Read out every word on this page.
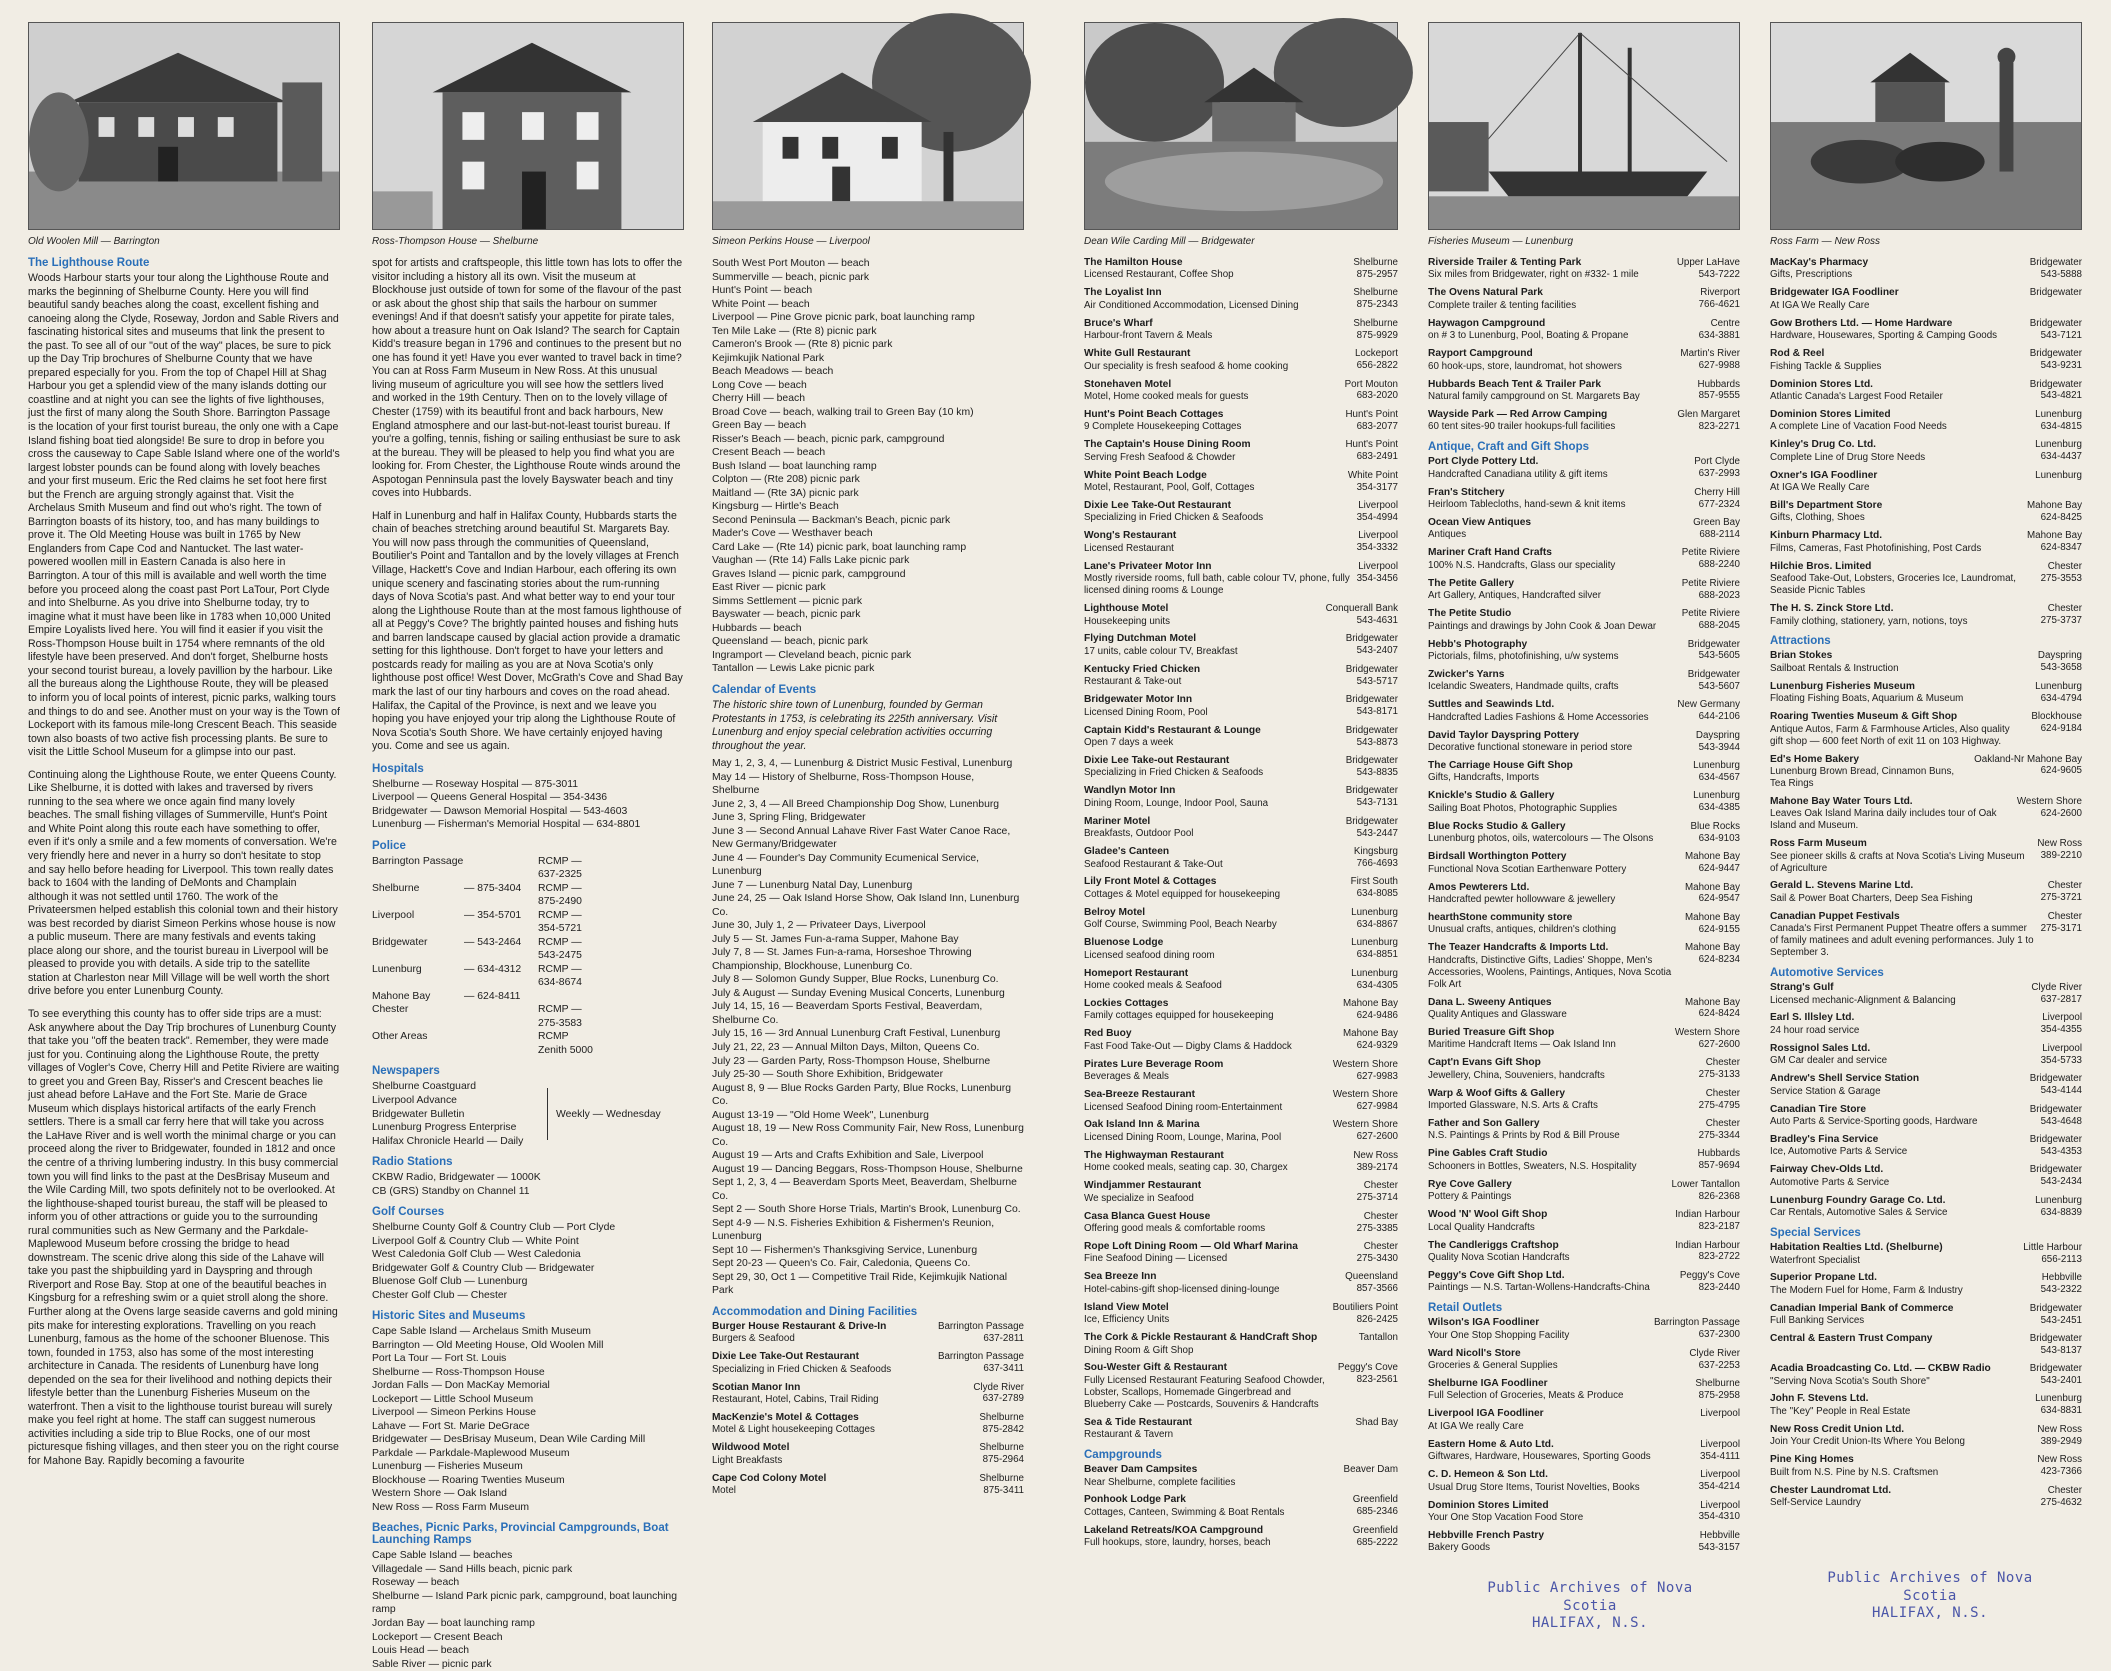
Old Woolen Mill — Barrington
The Lighthouse Route

Woods Harbour starts your tour along the Lighthouse Route and marks the beginning of Shelburne County. Here you will find beautiful sandy beaches along the coast, excellent fishing and canoeing along the Clyde, Roseway, Jordon and Sable Rivers and fascinating historical sites and museums that link the present to the past. To see all of our "out of the way" places, be sure to pick up the Day Trip brochures of Shelburne County that we have prepared especially for you. From the top of Chapel Hill at Shag Harbour you get a splendid view of the many islands dotting our coastline and at night you can see the lights of five lighthouses, just the first of many along the South Shore. Barrington Passage is the location of your first tourist bureau, the only one with a Cape Island fishing boat tied alongside! Be sure to drop in before you cross the causeway to Cape Sable Island where one of the world's largest lobster pounds can be found along with lovely beaches and your first museum. Eric the Red claims he set foot here first but the French are arguing strongly against that. Visit the Archelaus Smith Museum and find out who's right. The town of Barrington boasts of its history, too, and has many buildings to prove it. The Old Meeting House was built in 1765 by New Englanders from Cape Cod and Nantucket. The last water-powered woollen mill in Eastern Canada is also here in Barrington. A tour of this mill is available and well worth the time before you proceed along the coast past Port LaTour, Port Clyde and into Shelburne. As you drive into Shelburne today, try to imagine what it must have been like in 1783 when 10,000 United Empire Loyalists lived here. You will find it easier if you visit the Ross-Thompson House built in 1754 where remnants of the old lifestyle have been preserved. And don't forget, Shelburne hosts your second tourist bureau, a lovely pavillion by the harbour. Like all the bureaus along the Lighthouse Route, they will be pleased to inform you of local points of interest, picnic parks, walking tours and things to do and see. Another must on your way is the Town of Lockeport with its famous mile-long Crescent Beach. This seaside town also boasts of two active fish processing plants. Be sure to visit the Little School Museum for a glimpse into our past.

Continuing along the Lighthouse Route, we enter Queens County. Like Shelburne, it is dotted with lakes and traversed by rivers running to the sea where we once again find many lovely beaches. The small fishing villages of Summerville, Hunt's Point and White Point along this route each have something to offer, even if it's only a smile and a few moments of conversation. We're very friendly here and never in a hurry so don't hesitate to stop and say hello before heading for Liverpool. This town really dates back to 1604 with the landing of DeMonts and Champlain although it was not settled until 1760. The work of the Privateersmen helped establish this colonial town and their history was best recorded by diarist Simeon Perkins whose house is now a public museum. There are many festivals and events taking place along our shore, and the tourist bureau in Liverpool will be pleased to provide you with details. A side trip to the satellite station at Charleston near Mill Village will be well worth the short drive before you enter Lunenburg County.

To see everything this county has to offer side trips are a must: Ask anywhere about the Day Trip brochures of Lunenburg County that take you "off the beaten track". Remember, they were made just for you. Continuing along the Lighthouse Route, the pretty villages of Vogler's Cove, Cherry Hill and Petite Riviere are waiting to greet you and Green Bay, Risser's and Crescent beaches lie just ahead before LaHave and the Fort Ste. Marie de Grace Museum which displays historical artifacts of the early French settlers. There is a small car ferry here that will take you across the LaHave River and is well worth the minimal charge or you can proceed along the river to Bridgewater, founded in 1812 and once the centre of a thriving lumbering industry. In this busy commercial town you will find links to the past at the DesBrisay Museum and the Wile Carding Mill, two spots definitely not to be overlooked. At the lighthouse-shaped tourist bureau, the staff will be pleased to inform you of other attractions or guide you to the surrounding rural communities such as New Germany and the Parkdale-Maplewood Museum before crossing the bridge to head downstream. The scenic drive along this side of the Lahave will take you past the shipbuilding yard in Dayspring and through Riverport and Rose Bay. Stop at one of the beautiful beaches in Kingsburg for a refreshing swim or a quiet stroll along the shore. Further along at the Ovens large seaside caverns and gold mining pits make for interesting explorations. Travelling on you reach Lunenburg, famous as the home of the schooner Bluenose. This town, founded in 1753, also has some of the most interesting architecture in Canada. The residents of Lunenburg have long depended on the sea for their livelihood and nothing depicts their lifestyle better than the Lunenburg Fisheries Museum on the waterfront. Then a visit to the lighthouse tourist bureau will surely make you feel right at home. The staff can suggest numerous activities including a side trip to Blue Rocks, one of our most picturesque fishing villages, and then steer you on the right course for Mahone Bay. Rapidly becoming a favourite

Ross-Thompson House — Shelburne

spot for artists and craftspeople, this little town has lots to offer the visitor including a history all its own. Visit the museum at Blockhouse just outside of town for some of the flavour of the past or ask about the ghost ship that sails the harbour on summer evenings! And if that doesn't satisfy your appetite for pirate tales, how about a treasure hunt on Oak Island? The search for Captain Kidd's treasure began in 1796 and continues to the present but no one has found it yet! Have you ever wanted to travel back in time? You can at Ross Farm Museum in New Ross. At this unusual living museum of agriculture you will see how the settlers lived and worked in the 19th Century. Then on to the lovely village of Chester (1759) with its beautiful front and back harbours, New England atmosphere and our last-but-not-least tourist bureau. If you're a golfing, tennis, fishing or sailing enthusiast be sure to ask at the bureau. They will be pleased to help you find what you are looking for. From Chester, the Lighthouse Route winds around the Aspotogan Penninsula past the lovely Bayswater beach and tiny coves into Hubbards.

Half in Lunenburg and half in Halifax County, Hubbards starts the chain of beaches stretching around beautiful St. Margarets Bay. You will now pass through the communities of Queensland, Boutilier's Point and Tantallon and by the lovely villages at French Village, Hackett's Cove and Indian Harbour, each offering its own unique scenery and fascinating stories about the rum-running days of Nova Scotia's past. And what better way to end your tour along the Lighthouse Route than at the most famous lighthouse of all at Peggy's Cove? The brightly painted houses and fishing huts and barren landscape caused by glacial action provide a dramatic setting for this lighthouse. Don't forget to have your letters and postcards ready for mailing as you are at Nova Scotia's only lighthouse post office! West Dover, McGrath's Cove and Shad Bay mark the last of our tiny harbours and coves on the road ahead. Halifax, the Capital of the Province, is next and we leave you hoping you have enjoyed your trip along the Lighthouse Route of Nova Scotia's South Shore. We have certainly enjoyed having you. Come and see us again.

Hospitals
Shelburne — Roseway Hospital — 875-3011
Liverpool — Queens General Hospital — 354-3436
Bridgewater — Dawson Memorial Hospital — 543-4603
Lunenburg — Fisherman's Memorial Hospital — 634-8801
Police
Barrington Passage	RCMP — 637-2325
Shelburne	— 875-3404	RCMP — 875-2490
Liverpool	— 354-5701	RCMP — 354-5721
Bridgewater	— 543-2464	RCMP — 543-2475
Lunenburg	— 634-4312	RCMP — 634-8674
Mahone Bay	— 624-8411
Chester	RCMP — 275-3583
Other Areas	RCMP Zenith 5000
Newspapers
Shelburne Coastguard
Liverpool Advance
Bridgewater Bulletin
Lunenburg Progress Enterprise
Halifax Chronicle Hearld — Daily
Weekly — Wednesday
Radio Stations
CKBW Radio, Bridgewater — 1000K
CB (GRS) Standby on Channel 11
Golf Courses
Shelburne County Golf & Country Club — Port Clyde
Liverpool Golf & Country Club — White Point
West Caledonia Golf Club — West Caledonia
Bridgewater Golf & Country Club — Bridgewater
Bluenose Golf Club — Lunenburg
Chester Golf Club — Chester
Historic Sites and Museums
Cape Sable Island — Archelaus Smith Museum
Barrington — Old Meeting House, Old Woolen Mill
Port La Tour — Fort St. Louis
Shelburne — Ross-Thompson House
Jordan Falls — Don MacKay Memorial
Lockeport — Little School Museum
Liverpool — Simeon Perkins House
Lahave — Fort St. Marie DeGrace
Bridgewater — DesBrisay Museum, Dean Wile Carding Mill
Parkdale — Parkdale-Maplewood Museum
Lunenburg — Fisheries Museum
Blockhouse — Roaring Twenties Museum
Western Shore — Oak Island
New Ross — Ross Farm Museum
Beaches, Picnic Parks, Provincial Campgrounds, Boat Launching Ramps
Cape Sable Island — beaches
Villagedale — Sand Hills beach, picnic park
Roseway — beach
Shelburne — Island Park picnic park, campground, boat launching ramp
Jordan Bay — boat launching ramp
Lockeport — Cresent Beach
Louis Head — beach
Sable River — picnic park
Simeon Perkins House — Liverpool
South West Port Mouton — beach
Summerville — beach, picnic park
Hunt's Point — beach
White Point — beach
Liverpool — Pine Grove picnic park, boat launching ramp
Ten Mile Lake — (Rte 8) picnic park
Cameron's Brook — (Rte 8) picnic park
Kejimkujik National Park
Beach Meadows — beach
Long Cove — beach
Cherry Hill — beach
Broad Cove — beach, walking trail to Green Bay (10 km)
Green Bay — beach
Risser's Beach — beach, picnic park, campground
Cresent Beach — beach
Bush Island — boat launching ramp
Colpton — (Rte 208) picnic park
Maitland — (Rte 3A) picnic park
Kingsburg — Hirtle's Beach
Second Peninsula — Backman's Beach, picnic park
Mader's Cove — Westhaver beach
Card Lake — (Rte 14) picnic park, boat launching ramp
Vaughan — (Rte 14) Falls Lake picnic park
Graves Island — picnic park, campground
East River — picnic park
Simms Settlement — picnic park
Bayswater — beach, picnic park
Hubbards — beach
Queensland — beach, picnic park
Ingramport — Cleveland beach, picnic park
Tantallon — Lewis Lake picnic park
Calendar of Events

The historic shire town of Lunenburg, founded by German Protestants in 1753, is celebrating its 225th anniversary. Visit Lunenburg and enjoy special celebration activities occurring throughout the year.

May 1, 2, 3, 4, — Lunenburg & District Music Festival, Lunenburg
May 14 — History of Shelburne, Ross-Thompson House, Shelburne
June 2, 3, 4 — All Breed Championship Dog Show, Lunenburg
June 3, Spring Fling, Bridgewater
June 3 — Second Annual Lahave River Fast Water Canoe Race, New Germany/Bridgewater
June 4 — Founder's Day Community Ecumenical Service, Lunenburg
June 7 — Lunenburg Natal Day, Lunenburg
June 24, 25 — Oak Island Horse Show, Oak Island Inn, Lunenburg Co.
June 30, July 1, 2 — Privateer Days, Liverpool
July 5 — St. James Fun-a-rama Supper, Mahone Bay
July 7, 8 — St. James Fun-a-rama, Horseshoe Throwing Championship, Blockhouse, Lunenburg Co.
July 8 — Solomon Gundy Supper, Blue Rocks, Lunenburg Co.
July & August — Sunday Evening Musical Concerts, Lunenburg
July 14, 15, 16 — Beaverdam Sports Festival, Beaverdam, Shelburne Co.
July 15, 16 — 3rd Annual Lunenburg Craft Festival, Lunenburg
July 21, 22, 23 — Annual Milton Days, Milton, Queens Co.
July 23 — Garden Party, Ross-Thompson House, Shelburne
July 25-30 — South Shore Exhibition, Bridgewater
August 8, 9 — Blue Rocks Garden Party, Blue Rocks, Lunenburg Co.
August 13-19 — "Old Home Week", Lunenburg
August 18, 19 — New Ross Community Fair, New Ross, Lunenburg Co.
August 19 — Arts and Crafts Exhibition and Sale, Liverpool
August 19 — Dancing Beggars, Ross-Thompson House, Shelburne
Sept 1, 2, 3, 4 — Beaverdam Sports Meet, Beaverdam, Shelburne Co.
Sept 2 — South Shore Horse Trials, Martin's Brook, Lunenburg Co.
Sept 4-9 — N.S. Fisheries Exhibition & Fishermen's Reunion, Lunenburg
Sept 10 — Fishermen's Thanksgiving Service, Lunenburg
Sept 20-23 — Queen's Co. Fair, Caledonia, Queens Co.
Sept 29, 30, Oct 1 — Competitive Trail Ride, Kejimkujik National Park
Accommodation and Dining Facilities
Burger House Restaurant & Drive-In
Burgers & Seafood
Barrington Passage
637-2811
Dixie Lee Take-Out Restaurant
Specializing in Fried Chicken & Seafoods
Barrington Passage
637-3411
Scotian Manor Inn
Restaurant, Hotel, Cabins, Trail Riding
Clyde River
637-2789
MacKenzie's Motel & Cottages
Motel & Light housekeeping Cottages
Shelburne
875-2842
Wildwood Motel
Light Breakfasts
Shelburne
875-2964
Cape Cod Colony Motel
Motel
Shelburne
875-3411
Dean Wile Carding Mill — Bridgewater
The Hamilton House
Licensed Restaurant, Coffee Shop
Shelburne
875-2957
The Loyalist Inn
Air Conditioned Accommodation, Licensed Dining
Shelburne
875-2343
Bruce's Wharf
Harbour-front Tavern & Meals
Shelburne
875-9929
White Gull Restaurant
Our speciality is fresh seafood & home cooking
Lockeport
656-2822
Stonehaven Motel
Motel, Home cooked meals for guests
Port Mouton
683-2020
Hunt's Point Beach Cottages
9 Complete Housekeeping Cottages
Hunt's Point
683-2077
The Captain's House Dining Room
Serving Fresh Seafood & Chowder
Hunt's Point
683-2491
White Point Beach Lodge
Motel, Restaurant, Pool, Golf, Cottages
White Point
354-3177
Dixie Lee Take-Out Restaurant
Specializing in Fried Chicken & Seafoods
Liverpool
354-4994
Wong's Restaurant
Licensed Restaurant
Liverpool
354-3332
Lane's Privateer Motor Inn
Mostly riverside rooms, full bath, cable colour TV, phone, fully licensed dining rooms & Lounge
Liverpool
354-3456
Lighthouse Motel
Housekeeping units
Conquerall Bank
543-4631
Flying Dutchman Motel
17 units, cable colour TV, Breakfast
Bridgewater
543-2407
Kentucky Fried Chicken
Restaurant & Take-out
Bridgewater
543-5717
Bridgewater Motor Inn
Licensed Dining Room, Pool
Bridgewater
543-8171
Captain Kidd's Restaurant & Lounge
Open 7 days a week
Bridgewater
543-8873
Dixie Lee Take-out Restaurant
Specializing in Fried Chicken & Seafoods
Bridgewater
543-8835
Wandlyn Motor Inn
Dining Room, Lounge, Indoor Pool, Sauna
Bridgewater
543-7131
Mariner Motel
Breakfasts, Outdoor Pool
Bridgewater
543-2447
Gladee's Canteen
Seafood Restaurant & Take-Out
Kingsburg
766-4693
Lily Front Motel & Cottages
Cottages & Motel equipped for housekeeping
First South
634-8085
Belroy Motel
Golf Course, Swimming Pool, Beach Nearby
Lunenburg
634-8867
Bluenose Lodge
Licensed seafood dining room
Lunenburg
634-8851
Homeport Restaurant
Home cooked meals & Seafood
Lunenburg
634-4305
Lockies Cottages
Family cottages equipped for housekeeping
Mahone Bay
624-9486
Red Buoy
Fast Food Take-Out — Digby Clams & Haddock
Mahone Bay
624-9329
Pirates Lure Beverage Room
Beverages & Meals
Western Shore
627-9983
Sea-Breeze Restaurant
Licensed Seafood Dining room-Entertainment
Western Shore
627-9984
Oak Island Inn & Marina
Licensed Dining Room, Lounge, Marina, Pool
Western Shore
627-2600
The Highwayman Restaurant
Home cooked meals, seating cap. 30, Chargex
New Ross
389-2174
Windjammer Restaurant
We specialize in Seafood
Chester
275-3714
Casa Blanca Guest House
Offering good meals & comfortable rooms
Chester
275-3385
Rope Loft Dining Room — Old Wharf Marina
Fine Seafood Dining — Licensed
Chester
275-3430
Sea Breeze Inn
Hotel-cabins-gift shop-licensed dining-lounge
Queensland
857-3566
Island View Motel
Ice, Efficiency Units
Boutiliers Point
826-2425
The Cork & Pickle Restaurant & HandCraft Shop
Dining Room & Gift Shop
Tantallon
Sou-Wester Gift & Restaurant
Fully Licensed Restaurant Featuring Seafood Chowder, Lobster, Scallops, Homemade Gingerbread and Blueberry Cake — Postcards, Souvenirs & Handcrafts
Peggy's Cove
823-2561
Sea & Tide Restaurant
Restaurant & Tavern
Shad Bay
Campgrounds
Beaver Dam Campsites
Near Shelburne, complete facilities
Beaver Dam
Ponhook Lodge Park
Cottages, Canteen, Swimming & Boat Rentals
Greenfield
685-2346
Lakeland Retreats/KOA Campground
Full hookups, store, laundry, horses, beach
Greenfield
685-2222
Fisheries Museum — Lunenburg
Riverside Trailer & Tenting Park
Six miles from Bridgewater, right on #332- 1 mile
Upper LaHave
543-7222
The Ovens Natural Park
Complete trailer & tenting facilities
Riverport
766-4621
Haywagon Campground
on # 3 to Lunenburg, Pool, Boating & Propane
Centre
634-3881
Rayport Campground
60 hook-ups, store, laundromat, hot showers
Martin's River
627-9988
Hubbards Beach Tent & Trailer Park
Natural family campground on St. Margarets Bay
Hubbards
857-9555
Wayside Park — Red Arrow Camping
60 tent sites-90 trailer hookups-full facilities
Glen Margaret
823-2271
Antique, Craft and Gift Shops
Port Clyde Pottery Ltd.
Handcrafted Canadiana utility & gift items
Port Clyde
637-2993
Fran's Stitchery
Heirloom Tablecloths, hand-sewn & knit items
Cherry Hill
677-2324
Ocean View Antiques
Antiques
Green Bay
688-2114
Mariner Craft Hand Crafts
100% N.S. Handcrafts, Glass our speciality
Petite Riviere
688-2240
The Petite Gallery
Art Gallery, Antiques, Handcrafted silver
Petite Riviere
688-2023
The Petite Studio
Paintings and drawings by John Cook & Joan Dewar
Petite Riviere
688-2045
Hebb's Photography
Pictorials, films, photofinishing, u/w systems
Bridgewater
543-5605
Zwicker's Yarns
Icelandic Sweaters, Handmade quilts, crafts
Bridgewater
543-5607
Suttles and Seawinds Ltd.
Handcrafted Ladies Fashions & Home Accessories
New Germany
644-2106
David Taylor Dayspring Pottery
Decorative functional stoneware in period store
Dayspring
543-3944
The Carriage House Gift Shop
Gifts, Handcrafts, Imports
Lunenburg
634-4567
Knickle's Studio & Gallery
Sailing Boat Photos, Photographic Supplies
Lunenburg
634-4385
Blue Rocks Studio & Gallery
Lunenburg photos, oils, watercolours — The Olsons
Blue Rocks
634-9103
Birdsall Worthington Pottery
Functional Nova Scotian Earthenware Pottery
Mahone Bay
624-9447
Amos Pewterers Ltd.
Handcrafted pewter hollowware & jewellery
Mahone Bay
624-9547
hearthStone community store
Unusual crafts, antiques, children's clothing
Mahone Bay
624-9155
The Teazer Handcrafts & Imports Ltd.
Handcrafts, Distinctive Gifts, Ladies' Shoppe, Men's Accessories, Woolens, Paintings, Antiques, Nova Scotia Folk Art
Mahone Bay
624-8234
Dana L. Sweeny Antiques
Quality Antiques and Glassware
Mahone Bay
624-8424
Buried Treasure Gift Shop
Maritime Handcraft Items — Oak Island Inn
Western Shore
627-2600
Capt'n Evans Gift Shop
Jewellery, China, Souveniers, handcrafts
Chester
275-3133
Warp & Woof Gifts & Gallery
Imported Glassware, N.S. Arts & Crafts
Chester
275-4795
Father and Son Gallery
N.S. Paintings & Prints by Rod & Bill Prouse
Chester
275-3344
Pine Gables Craft Studio
Schooners in Bottles, Sweaters, N.S. Hospitality
Hubbards
857-9694
Rye Cove Gallery
Pottery & Paintings
Lower Tantallon
826-2368
Wood 'N' Wool Gift Shop
Local Quality Handcrafts
Indian Harbour
823-2187
The Candleriggs Craftshop
Quality Nova Scotian Handcrafts
Indian Harbour
823-2722
Peggy's Cove Gift Shop Ltd.
Paintings — N.S. Tartan-Wollens-Handcrafts-China
Peggy's Cove
823-2440
Retail Outlets
Wilson's IGA Foodliner
Your One Stop Shopping Facility
Barrington Passage
637-2300
Ward Nicoll's Store
Groceries & General Supplies
Clyde River
637-2253
Shelburne IGA Foodliner
Full Selection of Groceries, Meats & Produce
Shelburne
875-2958
Liverpool IGA Foodliner
At IGA We really Care
Liverpool
Eastern Home & Auto Ltd.
Giftwares, Hardware, Housewares, Sporting Goods
Liverpool
354-4111
C. D. Hemeon & Son Ltd.
Usual Drug Store Items, Tourist Novelties, Books
Liverpool
354-4214
Dominion Stores Limited
Your One Stop Vacation Food Store
Liverpool
354-4310
Hebbville French Pastry
Bakery Goods
Hebbville
543-3157
Ross Farm — New Ross
MacKay's Pharmacy
Gifts, Prescriptions
Bridgewater
543-5888
Bridgewater IGA Foodliner
At IGA We Really Care
Bridgewater
Gow Brothers Ltd. — Home Hardware
Hardware, Housewares, Sporting & Camping Goods
Bridgewater
543-7121
Rod & Reel
Fishing Tackle & Supplies
Bridgewater
543-9231
Dominion Stores Ltd.
Atlantic Canada's Largest Food Retailer
Bridgewater
543-4821
Dominion Stores Limited
A complete Line of Vacation Food Needs
Lunenburg
634-4815
Kinley's Drug Co. Ltd.
Complete Line of Drug Store Needs
Lunenburg
634-4437
Oxner's IGA Foodliner
At IGA We Really Care
Lunenburg
Bill's Department Store
Gifts, Clothing, Shoes
Mahone Bay
624-8425
Kinburn Pharmacy Ltd.
Films, Cameras, Fast Photofinishing, Post Cards
Mahone Bay
624-8347
Hilchie Bros. Limited
Seafood Take-Out, Lobsters, Groceries Ice, Laundromat, Seaside Picnic Tables
Chester
275-3553
The H. S. Zinck Store Ltd.
Family clothing, stationery, yarn, notions, toys
Chester
275-3737
Attractions
Brian Stokes
Sailboat Rentals & Instruction
Dayspring
543-3658
Lunenburg Fisheries Museum
Floating Fishing Boats, Aquarium & Museum
Lunenburg
634-4794
Roaring Twenties Museum & Gift Shop
Antique Autos, Farm & Farmhouse Articles, Also quality gift shop — 600 feet North of exit 11 on 103 Highway.
Blockhouse
624-9184
Ed's Home Bakery
Lunenburg Brown Bread, Cinnamon Buns, Tea Rings
Oakland-Nr Mahone Bay
624-9605
Mahone Bay Water Tours Ltd.
Leaves Oak Island Marina daily includes tour of Oak Island and Museum.
Western Shore
624-2600
Ross Farm Museum
See pioneer skills & crafts at Nova Scotia's Living Museum of Agriculture
New Ross
389-2210
Gerald L. Stevens Marine Ltd.
Sail & Power Boat Charters, Deep Sea Fishing
Chester
275-3721
Canadian Puppet Festivals
Canada's First Permanent Puppet Theatre offers a summer of family matinees and adult evening performances. July 1 to September 3.
Chester
275-3171
Automotive Services
Strang's Gulf
Licensed mechanic-Alignment & Balancing
Clyde River
637-2817
Earl S. Illsley Ltd.
24 hour road service
Liverpool
354-4355
Rossignol Sales Ltd.
GM Car dealer and service
Liverpool
354-5733
Andrew's Shell Service Station
Service Station & Garage
Bridgewater
543-4144
Canadian Tire Store
Auto Parts & Service-Sporting goods, Hardware
Bridgewater
543-4648
Bradley's Fina Service
Ice, Automotive Parts & Service
Bridgewater
543-4353
Fairway Chev-Olds Ltd.
Automotive Parts & Service
Bridgewater
543-2434
Lunenburg Foundry Garage Co. Ltd.
Car Rentals, Automotive Sales & Service
Lunenburg
634-8839
Special Services
Habitation Realties Ltd. (Shelburne)
Waterfront Specialist
Little Harbour
656-2113
Superior Propane Ltd.
The Modern Fuel for Home, Farm & Industry
Hebbville
543-2322
Canadian Imperial Bank of Commerce
Full Banking Services
Bridgewater
543-2451
Central & Eastern Trust Company	Bridgewater
543-8137
Acadia Broadcasting Co. Ltd. — CKBW Radio
"Serving Nova Scotia's South Shore"
Bridgewater
543-2401
John F. Stevens Ltd.
The "Key" People in Real Estate
Lunenburg
634-8831
New Ross Credit Union Ltd.
Join Your Credit Union-Its Where You Belong
New Ross
389-2949
Pine King Homes
Built from N.S. Pine by N.S. Craftsmen
New Ross
423-7366
Chester Laundromat Ltd.
Self-Service Laundry
Chester
275-4632
Public Archives of Nova Scotia
HALIFAX, N.S.
Public Archives of Nova Scotia
HALIFAX, N.S.
